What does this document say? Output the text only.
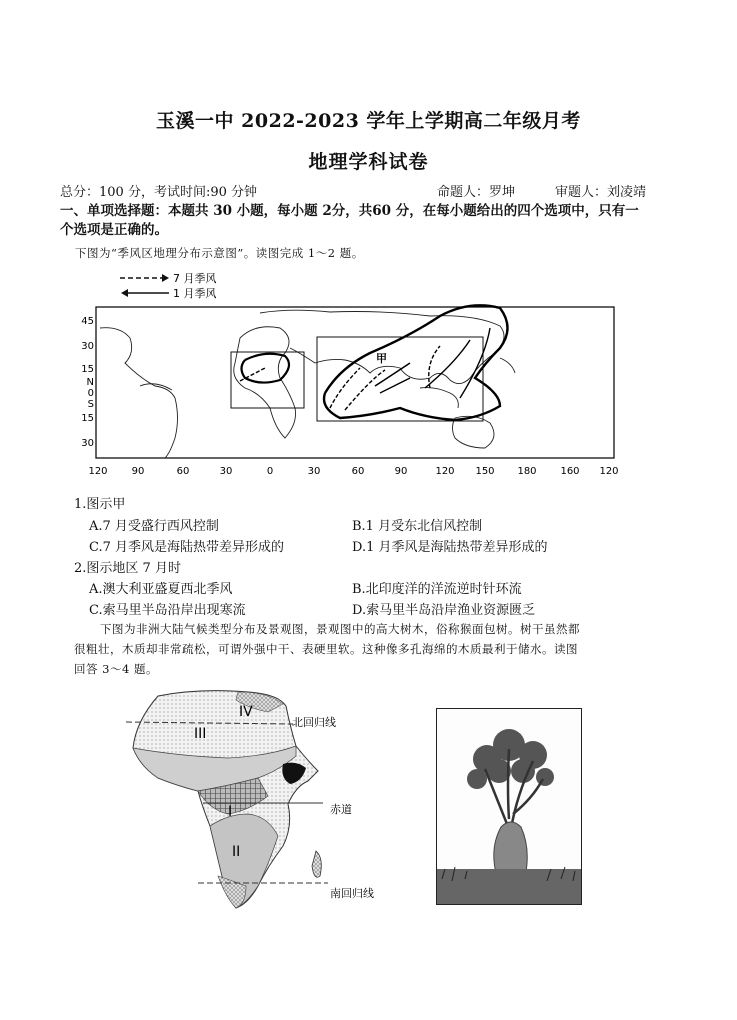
玉溪一中 2022-2023 学年上学期高二年级月考
地理学科试卷
总分：100 分，考试时间:90 分钟	命题人：罗坤	审题人：刘凌靖
一、单项选择题：本题共 30 小题，每小题 2分，共60 分，在每小题给出的四个选项中，只有一
个选项是正确的。
下图为“季风区地理分布示意图”。读图完成 1～2 题。
7 月季风
1 月季风
甲
45
30
15
N
0
S
15
30
120 90	60	30	0	30	60	90	120 150 180 160 120
1.图示甲
A.7 月受盛行西风控制	B.1 月受东北信风控制
C.7 月季风是海陆热带差异形成的	D.1 月季风是海陆热带差异形成的
2.图示地区 7 月时
A.澳大利亚盛夏西北季风	B.北印度洋的洋流逆时针环流
C.索马里半岛沿岸出现寒流	D.索马里半岛沿岸渔业资源匮乏
下图为非洲大陆气候类型分布及景观图，景观图中的高大树木，俗称猴面包树。树干虽然都
很粗壮，木质却非常疏松，可谓外强中干、表硬里软。这种像多孔海绵的木质最利于储水。读图
回答 3～4 题。
IV
III
I
II
北回归线
赤道
南回归线
